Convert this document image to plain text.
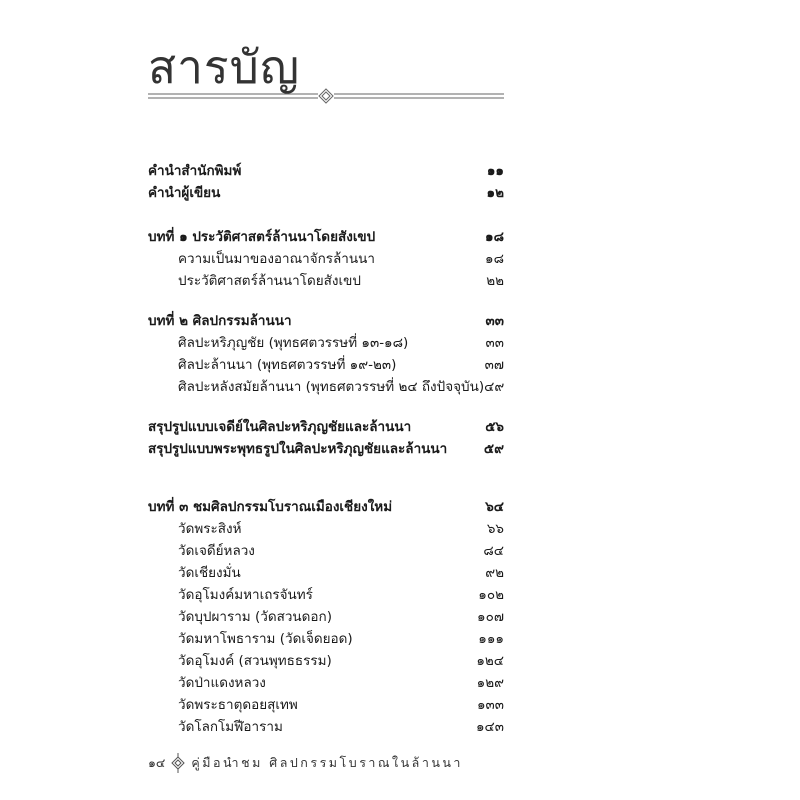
สารบัญ
คำนำสำนักพิมพ์	๑๑
คำนำผู้เขียน	๑๒
บทที่ ๑ ประวัติศาสตร์ล้านนาโดยสังเขป	๑๘
ความเป็นมาของอาณาจักรล้านนา	๑๘
ประวัติศาสตร์ล้านนาโดยสังเขป	๒๒
บทที่ ๒ ศิลปกรรมล้านนา	๓๓
ศิลปะหริภุญชัย (พุทธศตวรรษที่ ๑๓-๑๘)	๓๓
ศิลปะล้านนา (พุทธศตวรรษที่ ๑๙-๒๓)	๓๗
ศิลปะหลังสมัยล้านนา (พุทธศตวรรษที่ ๒๔ ถึงปัจจุบัน) ๔๙
สรุปรูปแบบเจดีย์ในศิลปะหริภุญชัยและล้านนา	๕๖
สรุปรูปแบบพระพุทธรูปในศิลปะหริภุญชัยและล้านนา	๕๙
บทที่ ๓ ชมศิลปกรรมโบราณเมืองเชียงใหม่	๖๔
วัดพระสิงห์	๖๖
วัดเจดีย์หลวง	๘๔
วัดเชียงมั่น	๙๒
วัดอุโมงค์มหาเถรจันทร์	๑๐๒
วัดบุปผาราม (วัดสวนดอก)	๑๐๗
วัดมหาโพธาราม (วัดเจ็ดยอด)	๑๑๑
วัดอุโมงค์ (สวนพุทธธรรม)	๑๒๔
วัดป่าแดงหลวง	๑๒๙
วัดพระธาตุดอยสุเทพ	๑๓๓
วัดโลกโมฬีอาราม	๑๔๓
๑๔ คู่มือนำชม ศิลปกรรมโบราณในล้านนา
